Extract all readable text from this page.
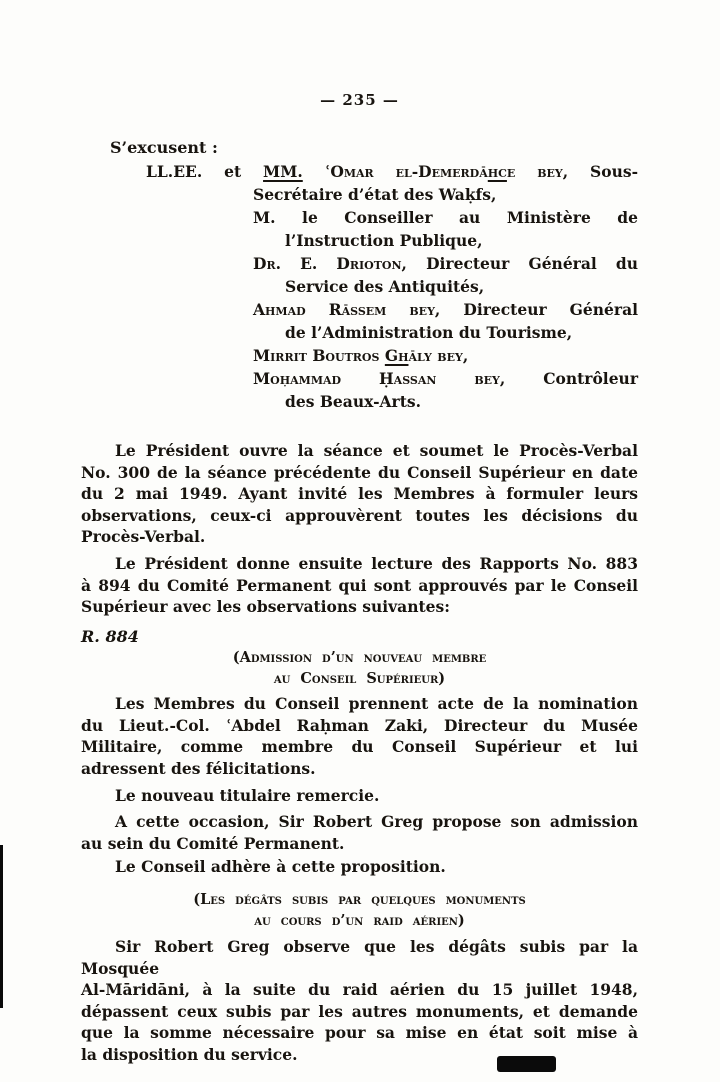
— 235 —
S’excusent :
LL.EE. et MM. ʿOmar el-Demerdāhce bey, Sous-
Secrétaire d’état des Waḳfs,
M. le Conseiller au Ministère de
l’Instruction Publique,
Dr. E. Drioton, Directeur Général du
Service des Antiquités,
Ahmad Rāssem bey, Directeur Général
de l’Administration du Tourisme,
Mirrit Boutros Ghāly bey,
Moḥammad Ḥassan bey, Contrôleur
des Beaux-Arts.
Le Président ouvre la séance et soumet le Procès-Verbal
No. 300 de la séance précédente du Conseil Supérieur en date
du 2 mai 1949. Ayant invité les Membres à formuler leurs
observations, ceux-ci approuvèrent toutes les décisions du
Procès-Verbal.
Le Président donne ensuite lecture des Rapports No. 883
à 894 du Comité Permanent qui sont approuvés par le Conseil
Supérieur avec les observations suivantes:
R. 884
(Admission d’un nouveau membre
au Conseil Supérieur)
Les Membres du Conseil prennent acte de la nomination
du Lieut.-Col. ʿAbdel Raḥman Zaki, Directeur du Musée
Militaire, comme membre du Conseil Supérieur et lui
adressent des félicitations.
Le nouveau titulaire remercie.
A cette occasion, Sir Robert Greg propose son admission
au sein du Comité Permanent.
Le Conseil adhère à cette proposition.
(Les dégâts subis par quelques monuments
au cours d’un raid aérien)
Sir Robert Greg observe que les dégâts subis par la Mosquée
Al-Māridāni, à la suite du raid aérien du 15 juillet 1948,
dépassent ceux subis par les autres monuments, et demande
que la somme nécessaire pour sa mise en état soit mise à
la disposition du service.
